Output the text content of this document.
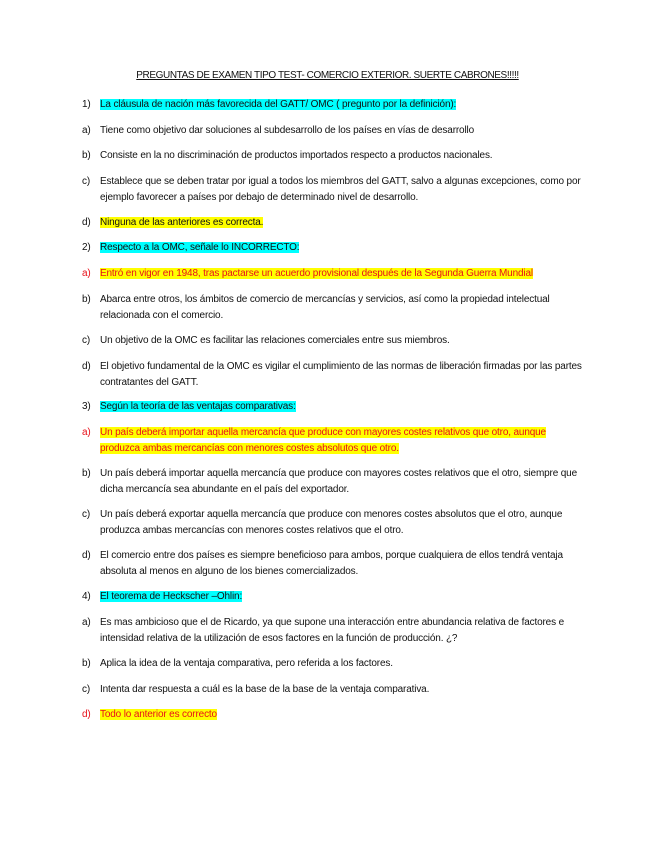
PREGUNTAS DE EXAMEN TIPO TEST- COMERCIO EXTERIOR. SUERTE CABRONES!!!!!
1) La cláusula de nación más favorecida del GATT/ OMC ( pregunto por la definición):
a) Tiene como objetivo dar soluciones al subdesarrollo de los países en vías de desarrollo
b) Consiste en la no discriminación de productos importados respecto a productos nacionales.
c) Establece que se deben tratar por igual a todos los miembros del GATT, salvo a algunas excepciones, como por ejemplo favorecer a países por debajo de determinado nivel de desarrollo.
d) Ninguna de las anteriores es correcta.
2) Respecto a la OMC, señale lo INCORRECTO:
a) Entró en vigor en 1948, tras pactarse un acuerdo provisional después de la Segunda Guerra Mundial
b) Abarca entre otros, los ámbitos de comercio de mercancías y servicios, así como la propiedad intelectual relacionada con el comercio.
c) Un objetivo de la OMC es facilitar las relaciones comerciales entre sus miembros.
d) El objetivo fundamental de la OMC es vigilar el cumplimiento de las normas de liberación firmadas por las partes contratantes del GATT.
3) Según la teoría de las ventajas comparativas:
a) Un país deberá importar aquella mercancía que produce con mayores costes relativos que otro, aunque produzca ambas mercancías con menores costes absolutos que otro.
b) Un país deberá importar aquella mercancía que produce con mayores costes relativos que el otro, siempre que dicha mercancía sea abundante en el país del exportador.
c) Un país deberá exportar aquella mercancía que produce con menores costes absolutos que el otro, aunque produzca ambas mercancías con menores costes relativos que el otro.
d) El comercio entre dos países es siempre beneficioso para ambos, porque cualquiera de ellos tendrá ventaja absoluta al menos en alguno de los bienes comercializados.
4) El teorema de Heckscher –Ohlin:
a) Es mas ambicioso que el de Ricardo, ya que supone una interacción entre abundancia relativa de factores e intensidad relativa de la utilización de esos factores en la función de producción. ¿?
b) Aplica la idea de la ventaja comparativa, pero referida a los factores.
c) Intenta dar respuesta a cuál es la base de la base de la ventaja comparativa.
d) Todo lo anterior es correcto
